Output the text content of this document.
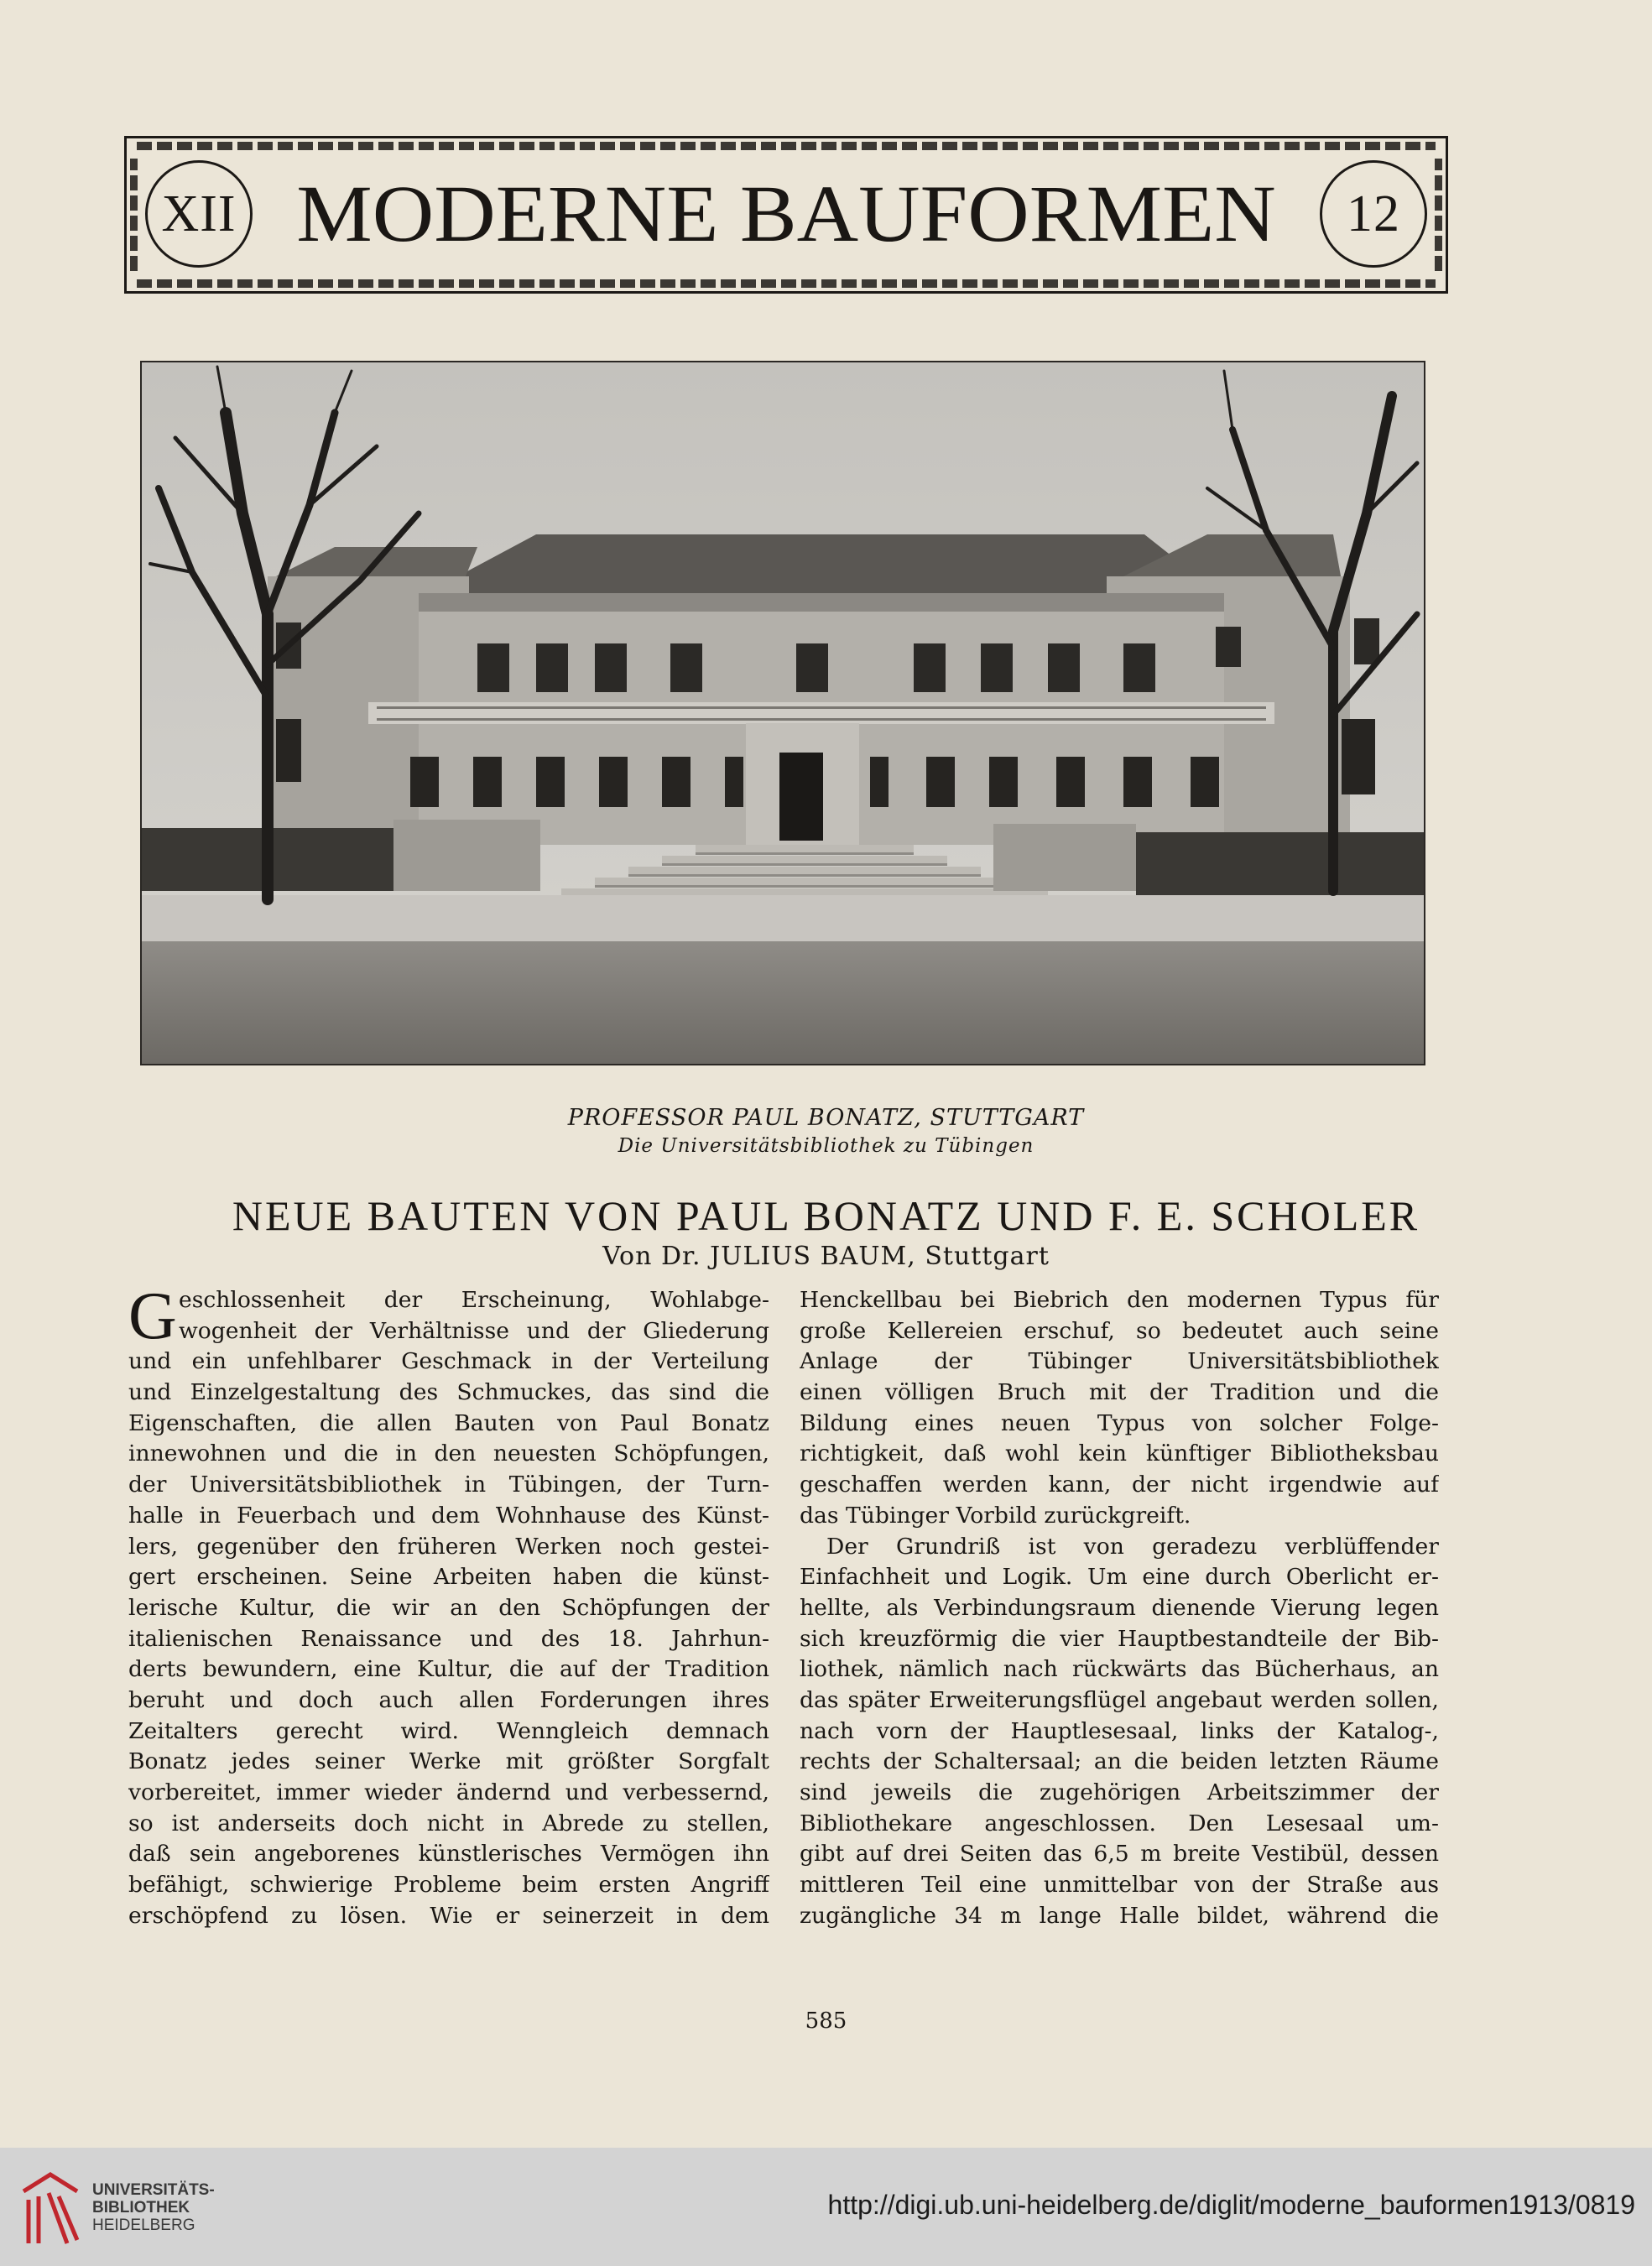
XII MODERNE BAUFORMEN	12
PROFESSOR PAUL BONATZ, STUTTGART
Die Universitätsbibliothek zu Tübingen
NEUE BAUTEN VON PAUL BONATZ UND F. E. SCHOLER
Von Dr. JULIUS BAUM, Stuttgart
G eschlossenheit der Erscheinung, Wohlabge-
wogenheit der Verhältnisse und der Gliederung
und ein unfehlbarer Geschmack in der Verteilung
und Einzelgestaltung des Schmuckes, das sind die
Eigenschaften, die allen Bauten von Paul Bonatz
innewohnen und die in den neuesten Schöpfungen,
der Universitätsbibliothek in Tübingen, der Turn-
halle in Feuerbach und dem Wohnhause des Künst-
lers, gegenüber den früheren Werken noch gestei-
gert erscheinen. Seine Arbeiten haben die künst-
lerische Kultur, die wir an den Schöpfungen der
italienischen Renaissance und des 18. Jahrhun-
derts bewundern, eine Kultur, die auf der Tradition
beruht und doch auch allen Forderungen ihres
Zeitalters gerecht wird. Wenngleich demnach
Bonatz jedes seiner Werke mit größter Sorgfalt
vorbereitet, immer wieder ändernd und verbessernd,
so ist anderseits doch nicht in Abrede zu stellen,
daß sein angeborenes künstlerisches Vermögen ihn
befähigt, schwierige Probleme beim ersten Angriff
erschöpfend zu lösen. Wie er seinerzeit in dem
Henckellbau bei Biebrich den modernen Typus für
große Kellereien erschuf, so bedeutet auch seine
Anlage der Tübinger Universitätsbibliothek
einen völligen Bruch mit der Tradition und die
Bildung eines neuen Typus von solcher Folge-
richtigkeit, daß wohl kein künftiger Bibliotheksbau
geschaffen werden kann, der nicht irgendwie auf
das Tübinger Vorbild zurückgreift.
Der Grundriß ist von geradezu verblüffender
Einfachheit und Logik. Um eine durch Oberlicht er-
hellte, als Verbindungsraum dienende Vierung legen
sich kreuzförmig die vier Hauptbestandteile der Bib-
liothek, nämlich nach rückwärts das Bücherhaus, an
das später Erweiterungsflügel angebaut werden sollen,
nach vorn der Hauptlesesaal, links der Katalog-,
rechts der Schaltersaal; an die beiden letzten Räume
sind jeweils die zugehörigen Arbeitszimmer der
Bibliothekare angeschlossen. Den Lesesaal um-
gibt auf drei Seiten das 6,5 m breite Vestibül, dessen
mittleren Teil eine unmittelbar von der Straße aus
zugängliche 34 m lange Halle bildet, während die
585
UNIVERSITÄTS-
BIBLIOTHEK
HEIDELBERG
http://digi.ub.uni-heidelberg.de/diglit/moderne_bauformen1913/0819
